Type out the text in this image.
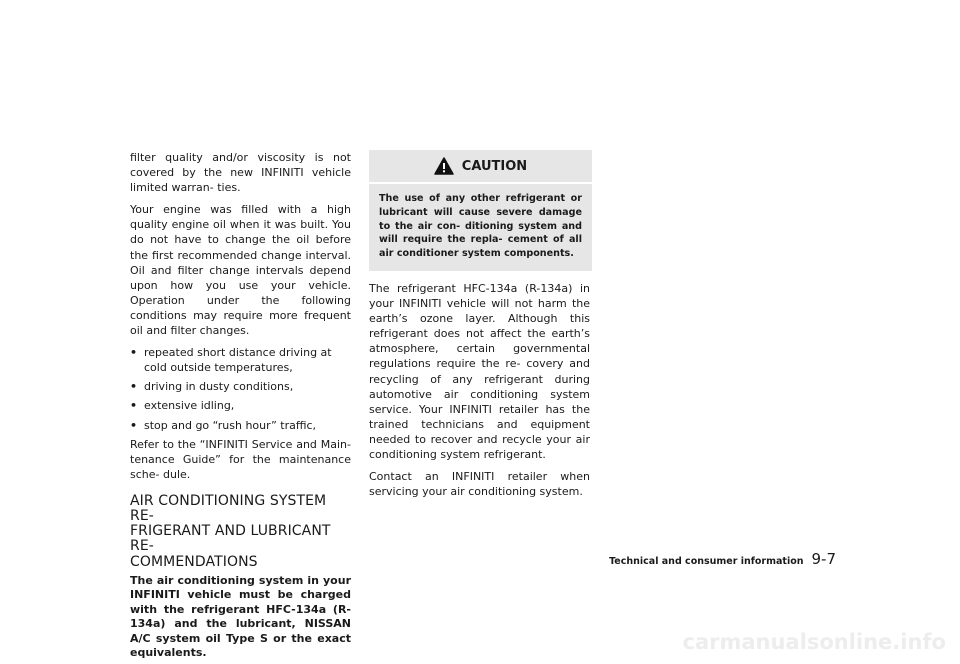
filter quality and/or viscosity is not covered by the new INFINITI vehicle limited warran- ties.

Your engine was filled with a high quality engine oil when it was built. You do not have to change the oil before the first recommended change interval. Oil and filter change intervals depend upon how you use your vehicle. Operation under the following conditions may require more frequent oil and filter changes.

• repeated short distance driving at cold outside temperatures,
• driving in dusty conditions,
• extensive idling,
• stop and go “rush hour” traffic,

Refer to the “INFINITI Service and Main- tenance Guide” for the maintenance sche- dule.

AIR CONDITIONING SYSTEM RE-
FRIGERANT AND LUBRICANT RE-
COMMENDATIONS

The air conditioning system in your INFINITI vehicle must be charged with the refrigerant HFC-134a (R-134a) and the lubricant, NISSAN A/C system oil Type S or the exact equivalents.

CAUTION
The use of any other refrigerant or lubricant will cause severe damage to the air con- ditioning system and will require the repla- cement of all air conditioner system components.

The refrigerant HFC-134a (R-134a) in your INFINITI vehicle will not harm the earth’s ozone layer. Although this refrigerant does not affect the earth’s atmosphere, certain governmental regulations require the re- covery and recycling of any refrigerant during automotive air conditioning system service. Your INFINITI retailer has the trained technicians and equipment needed to recover and recycle your air conditioning system refrigerant.

Contact an INFINITI retailer when servicing your air conditioning system.

Technical and consumer information 9-7
carmanualsonline.info
